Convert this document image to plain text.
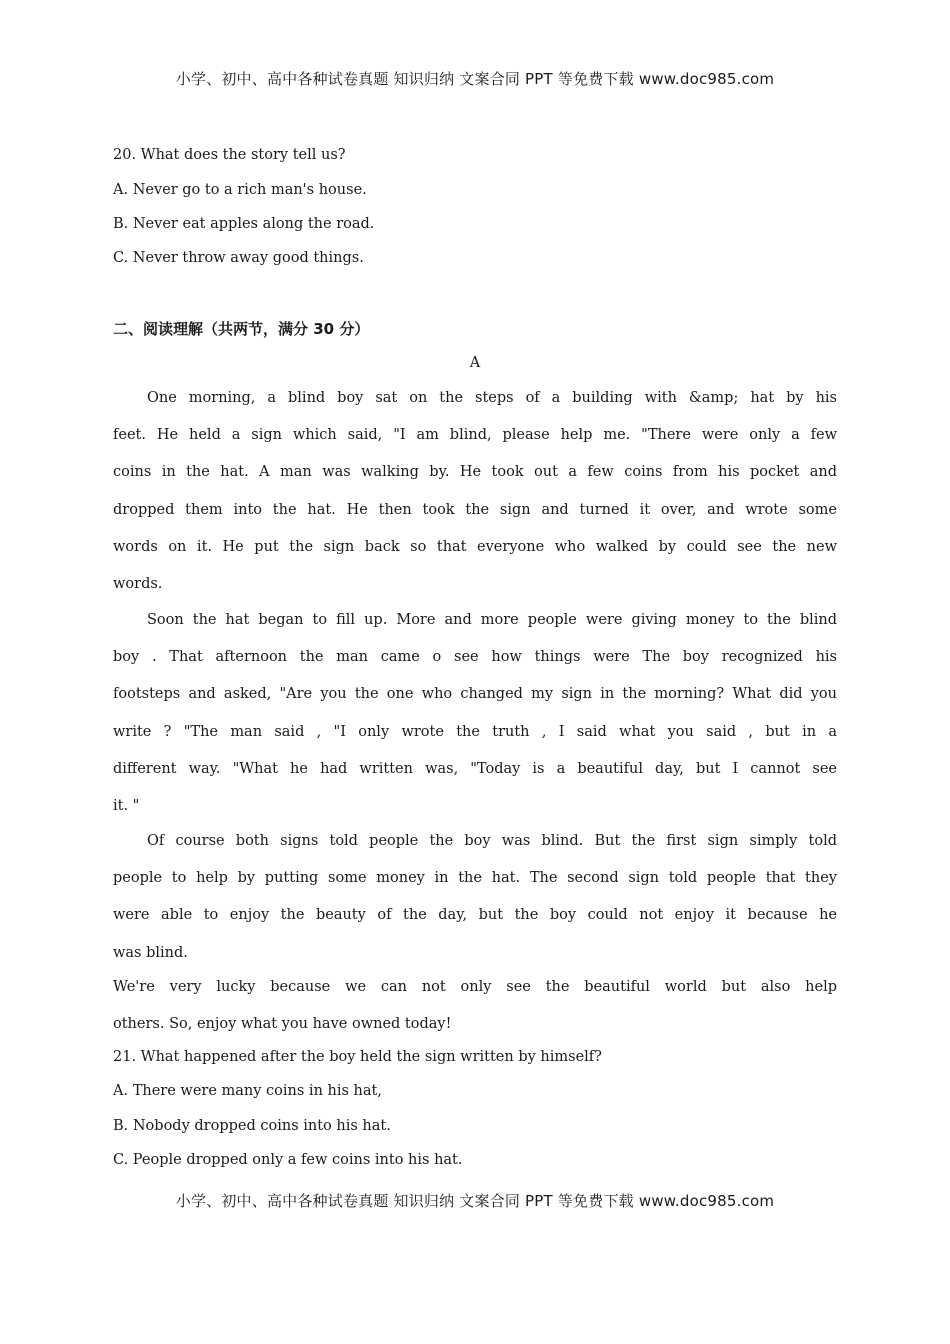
小学、初中、高中各种试卷真题 知识归纳 文案合同 PPT 等免费下载 www.doc985.com
20. What does the story tell us?
A. Never go to a rich man's house.
B. Never eat apples along the road.
C. Never throw away good things.
二、阅读理解（共两节，满分 30 分）
A
One morning, a blind boy sat on the steps of a building with &amp; hat by his
feet. He held a sign which said, "I am blind, please help me. "There were only a few
coins in the hat. A man was walking by. He took out a few coins from his pocket and
dropped them into the hat. He then took the sign and turned it over, and wrote some
words on it. He put the sign back so that everyone who walked by could see the new
words.
Soon the hat began to fill up. More and more people were giving money to the blind
boy . That afternoon the man came o see how things were The boy recognized his
footsteps and asked, "Are you the one who changed my sign in the morning? What did you
write ? "The man said , "I only wrote the truth , I said what you said , but in a
different way. "What he had written was, "Today is a beautiful day, but I cannot see
it. "
Of course both signs told people the boy was blind. But the first sign simply told
people to help by putting some money in the hat. The second sign told people that they
were able to enjoy the beauty of the day, but the boy could not enjoy it because he
was blind.
We're very lucky because we can not only see the beautiful world but also help
others. So, enjoy what you have owned today!
21. What happened after the boy held the sign written by himself?
A. There were many coins in his hat,
B. Nobody dropped coins into his hat.
C. People dropped only a few coins into his hat.
小学、初中、高中各种试卷真题 知识归纳 文案合同 PPT 等免费下载 www.doc985.com
